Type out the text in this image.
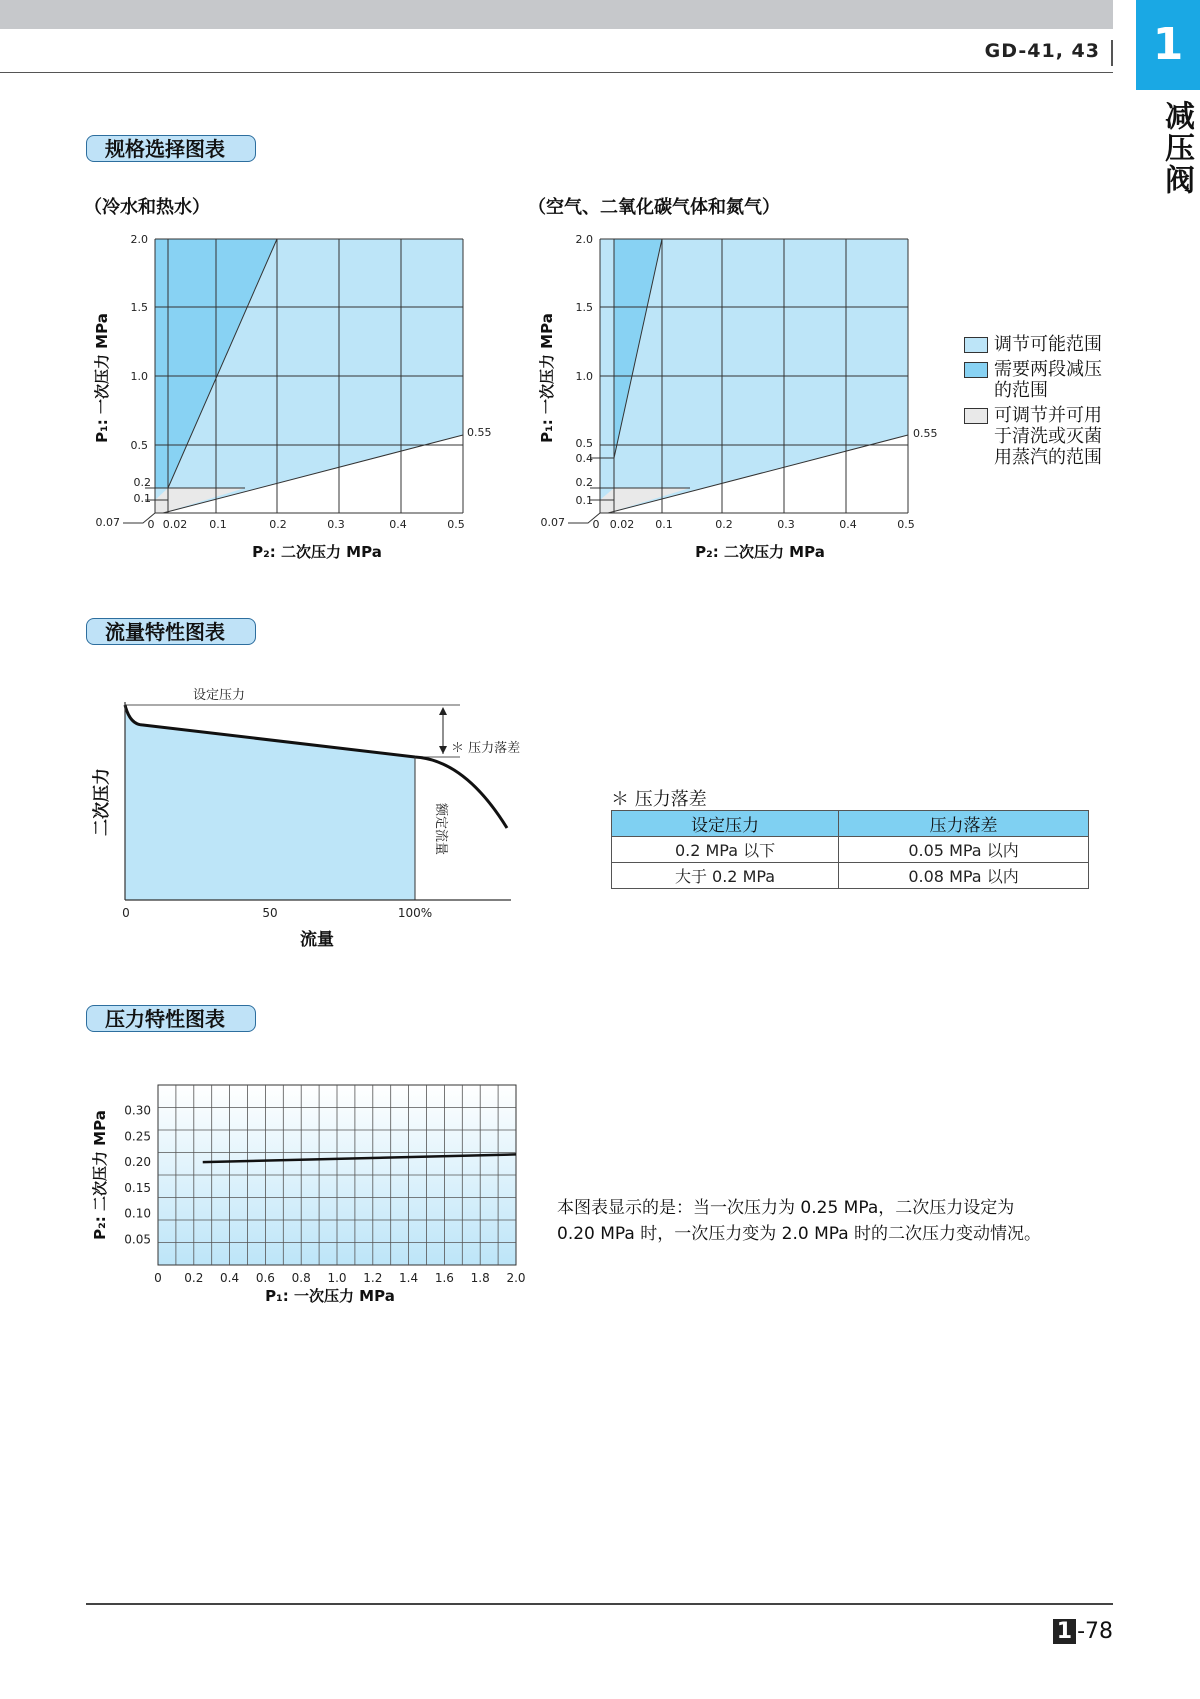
GD-41, 43	1
减压阀
规格选择图表
（冷水和热水）	（空气、二氧化碳气体和氮气）
2.0
1.5
1.0
0.5
0.2
0.1
0.07	0 0.02 0.1	0.2	0.3	0.4	0.5
0.55
P₂: 二次压力 MPa
P₁: 一次压力 MPa
2.0
1.5
1.0
0.5
0.4
0.2
0.1
0.07	0 0.02 0.1	0.2	0.3	0.4	0.5
0.55
P₂: 二次压力 MPa
P₁: 一次压力 MPa	调节可能范围
需要两段减压的范围
可调节并可用于清洗或灭菌用蒸汽的范围
流量特性图表
设定压力
＊ 压力落差
额定流量
0	50	100%
流量
二次压力	＊ 压力落差
设定压力	压力落差
0.2 MPa 以下	0.05 MPa 以内
大于 0.2 MPa	0.08 MPa 以内
压力特性图表
0.30
0.25
0.20
0.15
0.10
0.05
0 0.2 0.4 0.6 0.8 1.0 1.2 1.4 1.6 1.8 2.0
P₁: 一次压力 MPa
P₂: 二次压力 MPa	本图表显示的是：当一次压力为 0.25 MPa，二次压力设定为 0.20 MPa 时，一次压力变为 2.0 MPa 时的二次压力变动情况。
1 -78
